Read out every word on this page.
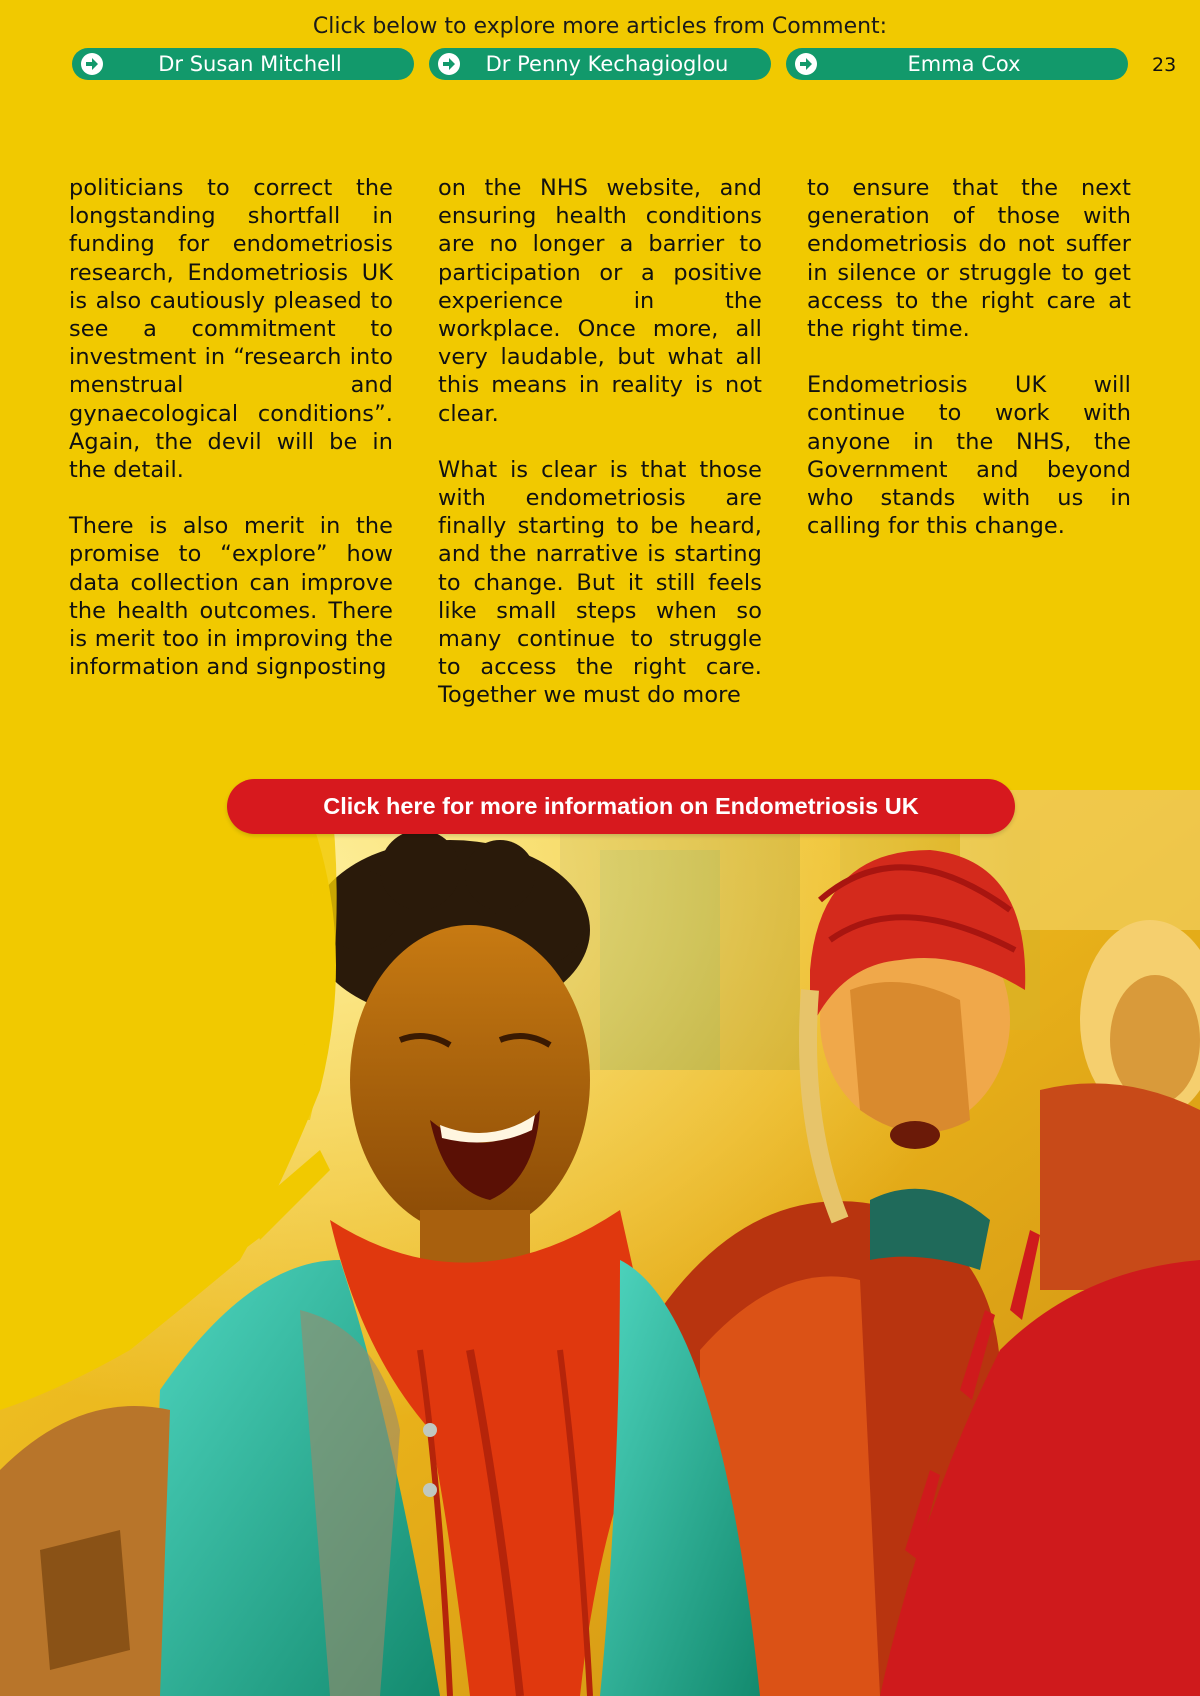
Click below to explore more articles from Comment:
Dr Susan Mitchell	Dr Penny Kechagioglou	Emma Cox	23

politicians to correct the longstanding shortfall in funding for endometriosis research, Endometriosis UK is also cautiously pleased to see a commitment to investment in “research into menstrual and gynaecological conditions”. Again, the devil will be in the detail.

There is also merit in the promise to “explore” how data collection can improve the health outcomes. There is merit too in improving the information and signposting

on the NHS website, and ensuring health conditions are no longer a barrier to participation or a positive experience in the workplace. Once more, all very laudable, but what all this means in reality is not clear.

What is clear is that those with endometriosis are finally starting to be heard, and the narrative is starting to change. But it still feels like small steps when so many continue to struggle to access the right care. Together we must do more

to ensure that the next generation of those with endometriosis do not suffer in silence or struggle to get access to the right care at the right time.

Endometriosis UK will continue to work with anyone in the NHS, the Government and beyond who stands with us in calling for this change.

Click here for more information on Endometriosis UK
